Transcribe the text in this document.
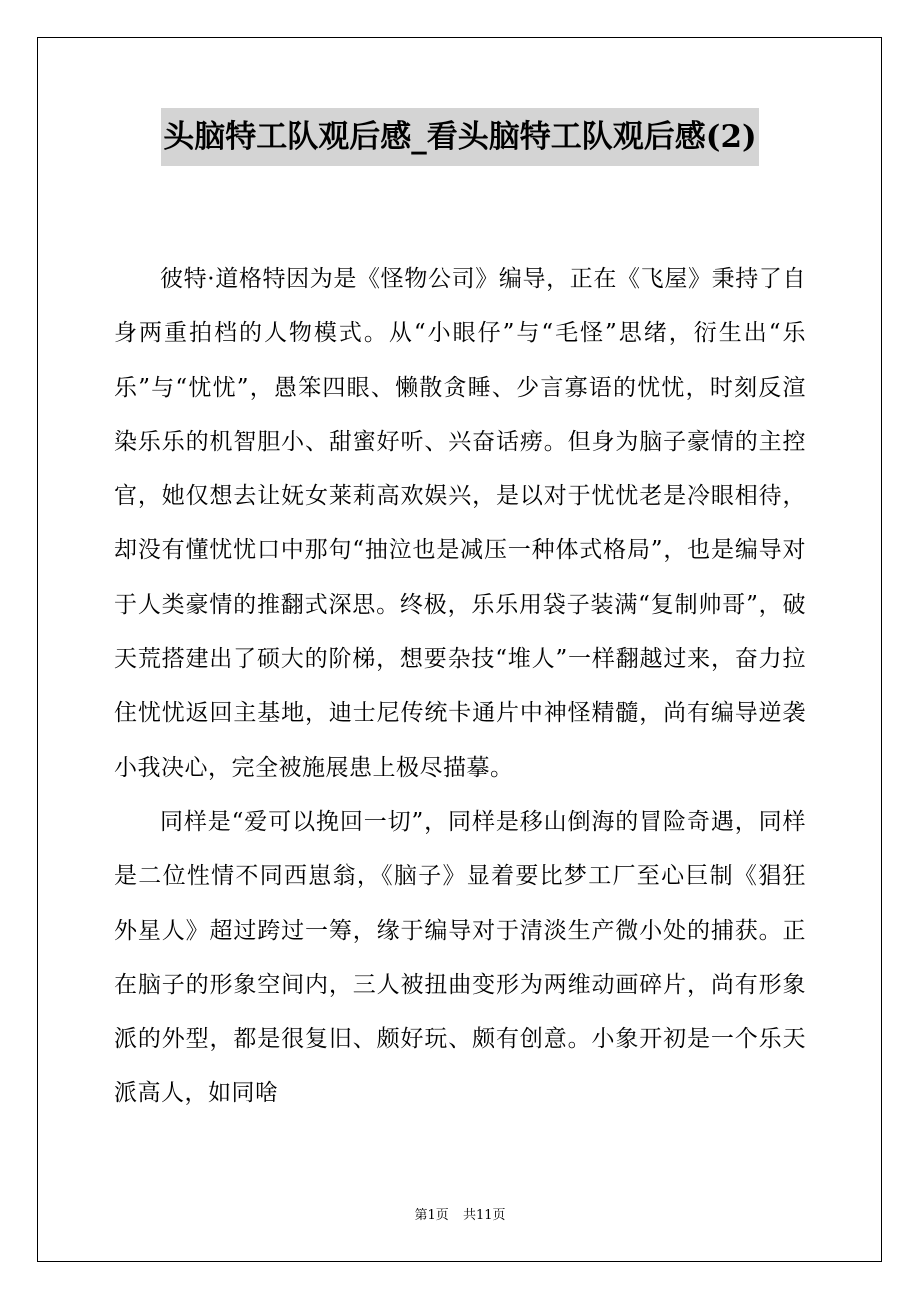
头脑特工队观后感_看头脑特工队观后感(2)

彼特·道格特因为是《怪物公司》编导，正在《飞屋》秉持了自身两重拍档的人物模式。从“小眼仔”与“毛怪”思绪，衍生出“乐乐”与“忧忧”，愚笨四眼、懒散贪睡、少言寡语的忧忧，时刻反渲染乐乐的机智胆小、甜蜜好听、兴奋话痨。但身为脑子豪情的主控官，她仅想去让妩女莱莉高欢娱兴，是以对于忧忧老是冷眼相待，却没有懂忧忧口中那句“抽泣也是减压一种体式格局”，也是编导对于人类豪情的推翻式深思。终极，乐乐用袋子装满“复制帅哥”，破天荒搭建出了硕大的阶梯，想要杂技“堆人”一样翻越过来，奋力拉住忧忧返回主基地，迪士尼传统卡通片中神怪精髓，尚有编导逆袭小我决心，完全被施展患上极尽描摹。

同样是“爱可以挽回一切”，同样是移山倒海的冒险奇遇，同样是二位性情不同西崽翁，《脑子》显着要比梦工厂至心巨制《猖狂外星人》超过跨过一筹，缘于编导对于清淡生产微小处的捕获。正在脑子的形象空间内，三人被扭曲变形为两维动画碎片，尚有形象派的外型，都是很复旧、颇好玩、颇有创意。小象开初是一个乐天派高人，如同啥

第1页 共11页
